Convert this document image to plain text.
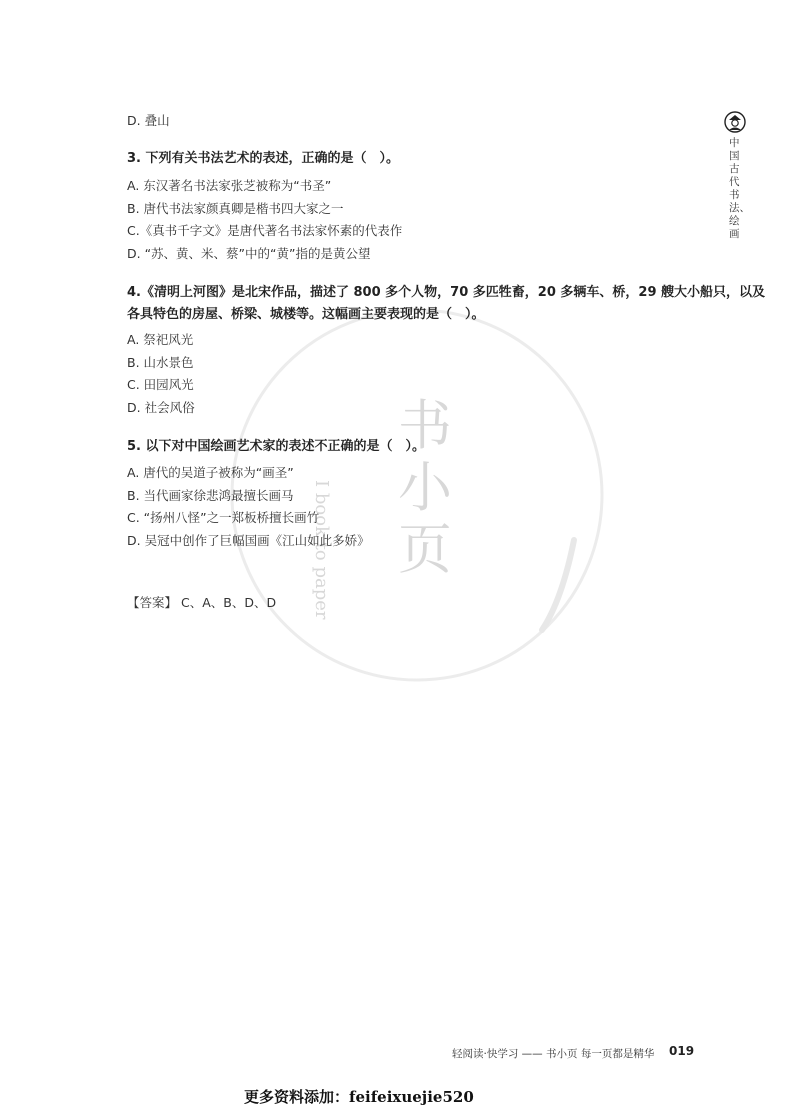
书小页
I book to paper
中国古代书法、绘画
D. 叠山
3. 下列有关书法艺术的表述，正确的是（　）。
A. 东汉著名书法家张芝被称为“书圣”
B. 唐代书法家颜真卿是楷书四大家之一
C.《真书千字文》是唐代著名书法家怀素的代表作
D. “苏、黄、米、蔡”中的“黄”指的是黄公望
4.《清明上河图》是北宋作品，描述了 800 多个人物，70 多匹牲畜，20 多辆车、桥，29 艘大小船只，以及
各具特色的房屋、桥梁、城楼等。这幅画主要表现的是（　）。
A. 祭祀风光
B. 山水景色
C. 田园风光
D. 社会风俗
5. 以下对中国绘画艺术家的表述不正确的是（　）。
A. 唐代的吴道子被称为“画圣”
B. 当代画家徐悲鸿最擅长画马
C. “扬州八怪”之一郑板桥擅长画竹
D. 吴冠中创作了巨幅国画《江山如此多娇》
【答案】 C、A、B、D、D
轻阅读·快学习 —— 书小页 每一页都是精华 019
更多资料添加：feifeixuejie520
